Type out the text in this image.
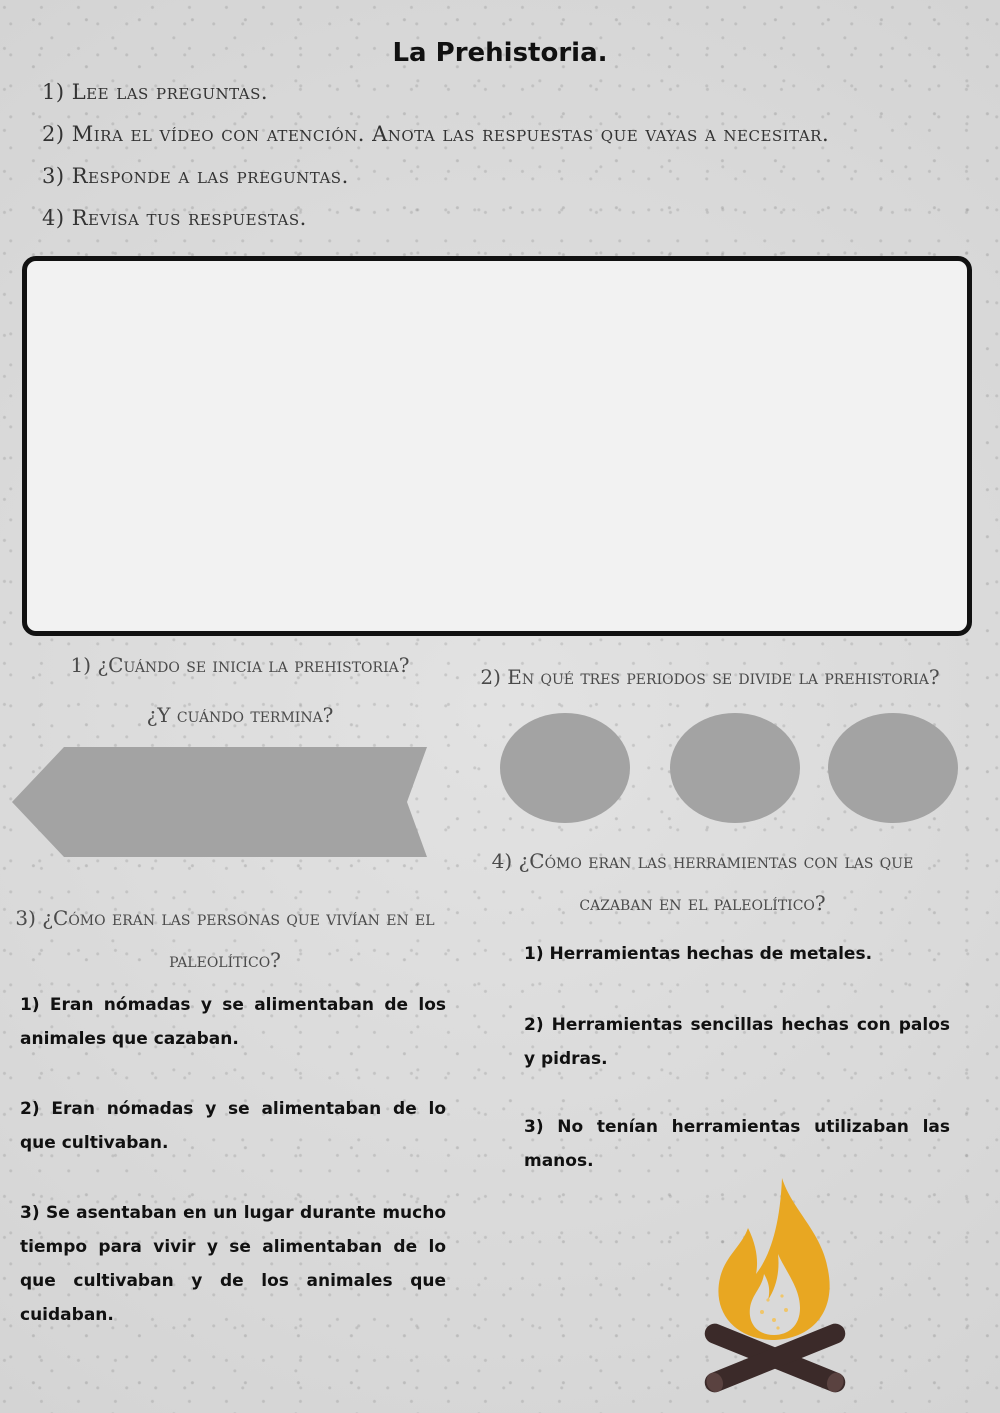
La Prehistoria.
1) Lee las preguntas.
2) Mira el vídeo con atención. Anota las respuestas que vayas a necesitar.
3) Responde a las preguntas.
4) Revisa tus respuestas.
1) ¿Cuándo se inicia la prehistoria?
¿Y cuándo termina?
2) En qué tres periodos se divide la prehistoria?
4) ¿Cómo eran las herramientas con las que cazaban en el paleolítico?
3) ¿Cómo eran las personas que vivían en el paleolítico?
1) Eran nómadas y se alimentaban de los animales que cazaban.
2) Eran nómadas y se alimentaban de lo que cultivaban.
3) Se asentaban en un lugar durante mucho tiempo para vivir y se alimentaban de lo que cultivaban y de los animales que cuidaban.
1) Herramientas hechas de metales.
2) Herramientas sencillas hechas con palos y pidras.
3) No tenían herramientas utilizaban las manos.
